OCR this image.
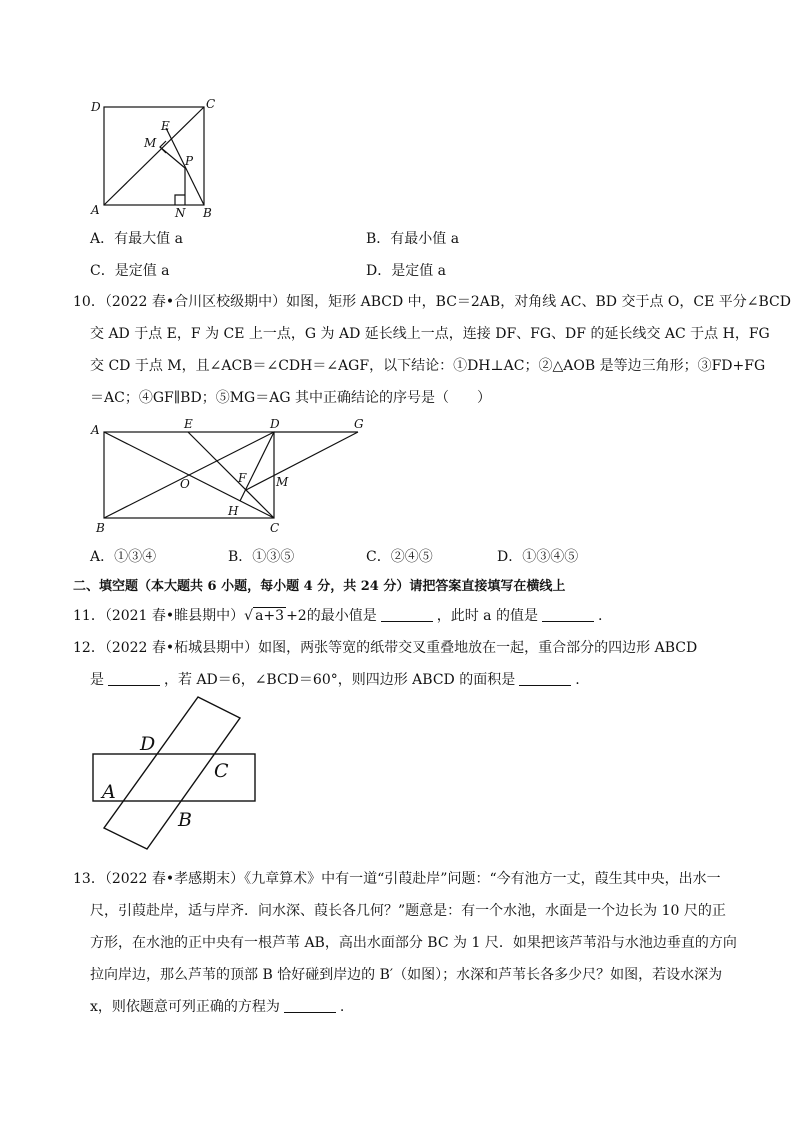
D	C
E
M
P
A	N B
A．有最大值 a	B．有最小值 a
C．是定值 a	D．是定值 a
10．（2022 春•合川区校级期中）如图，矩形 ABCD 中，BC＝2AB，对角线 AC、BD 交于点 O，CE 平分∠BCD
交 AD 于点 E，F 为 CE 上一点，G 为 AD 延长线上一点，连接 DF、FG、DF 的延长线交 AC 于点 H，FG
交 CD 于点 M，且∠ACB＝∠CDH＝∠AGF，以下结论：①DH⊥AC；②△AOB 是等边三角形；③FD+FG
＝AC；④GF∥BD；⑤MG＝AG 其中正确结论的序号是（　　）
A	E	D	G
O	F M
B
H
C
A．①③④	B．①③⑤	C．②④⑤	D．①③④⑤
二、填空题（本大题共 6 小题，每小题 4 分，共 24 分）请把答案直接填写在横线上
11．（2021 春•睢县期中）√ a+3 +2的最小值是	，此时 a 的值是	.
12．（2022 春•柘城县期中）如图，两张等宽的纸带交叉重叠地放在一起，重合部分的四边形 ABCD
是	，若 AD＝6，∠BCD＝60°，则四边形 ABCD 的面积是	.
D
C
A
B
13．（2022 春•孝感期末）《九章算术》中有一道“引葭赴岸”问题：“今有池方一丈，葭生其中央，出水一
尺，引葭赴岸，适与岸齐．问水深、葭长各几何？”题意是：有一个水池，水面是一个边长为 10 尺的正
方形，在水池的正中央有一根芦苇 AB，高出水面部分 BC 为 1 尺．如果把该芦苇沿与水池边垂直的方向
拉向岸边，那么芦苇的顶部 B 恰好碰到岸边的 B′（如图）；水深和芦苇长各多少尺？如图，若设水深为
x，则依题意可列正确的方程为	.
